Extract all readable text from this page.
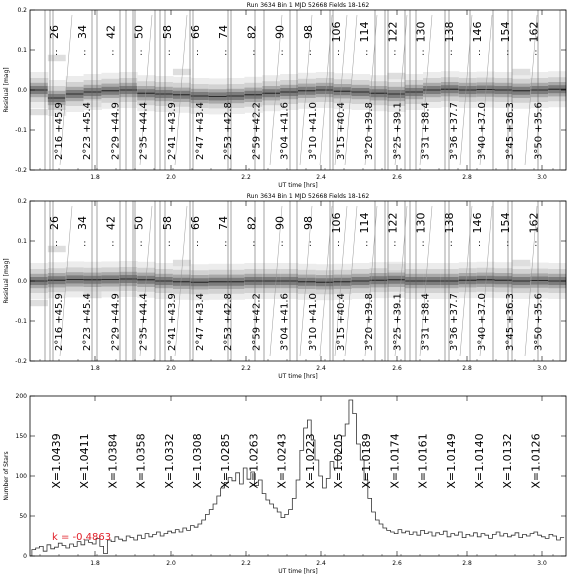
26
:
34
:
42
:
50
:
58
:
66
:
74
:
82
:
90
:
98
:
106
:
114
:
122
:
130
:
138
:
146
:
154
:
162
:
2°16 +45.9 2°23 +45.4 2°29 +44.9 2°35 +44.4 2°41 +43.9 2°47 +43.4 2°53 +42.8 2°59 +42.2 3°04 +41.6 3°10 +41.0 3°15 +40.4 3°20 +39.8 3°25 +39.1 3°31 +38.4 3°36 +37.7 3°40 +37.0 3°45 +36.3 3°50 +35.6
Run 3634 Bin 1 MJD 52668 Fields 18-162
1.8	2.0	2.2	2.4	2.6	2.8	3.0
UT time [hrs]
-0.2
-0.1
0.0
0.1
0.2
Residual [mag]
26
:
34
:
42
:
50
:
58
:
66
:
74
:
82
:
90
:
98
:
106
:
114
:
122
:
130
:
138
:
146
:
154
:
162
:
2°16 +45.9 2°23 +45.4 2°29 +44.9 2°35 +44.4 2°41 +43.9 2°47 +43.4 2°53 +42.8 2°59 +42.2 3°04 +41.6 3°10 +41.0 3°15 +40.4 3°20 +39.8 3°25 +39.1 3°31 +38.4 3°36 +37.7 3°40 +37.0 3°45 +36.3 3°50 +35.6
Run 3634 Bin 1 MJD 52668 Fields 18-162
1.8	2.0	2.2	2.4	2.6	2.8	3.0
UT time [hrs]
-0.2
-0.1
0.0
0.1
0.2
Residual [mag]
X=1.0439 X=1.0411 X=1.0384 X=1.0358 X=1.0332 X=1.0308 X=1.0285 X=1.0263 X=1.0243 X=1.0223 X=1.0205 X=1.0189 X=1.0174 X=1.0161 X=1.0149 X=1.0140 X=1.0132 X=1.0126
k = -0.4863
1.8	2.0	2.2	2.4	2.6	2.8	3.0
UT time [hrs]
0
50
100
150
200
Number of Stars
